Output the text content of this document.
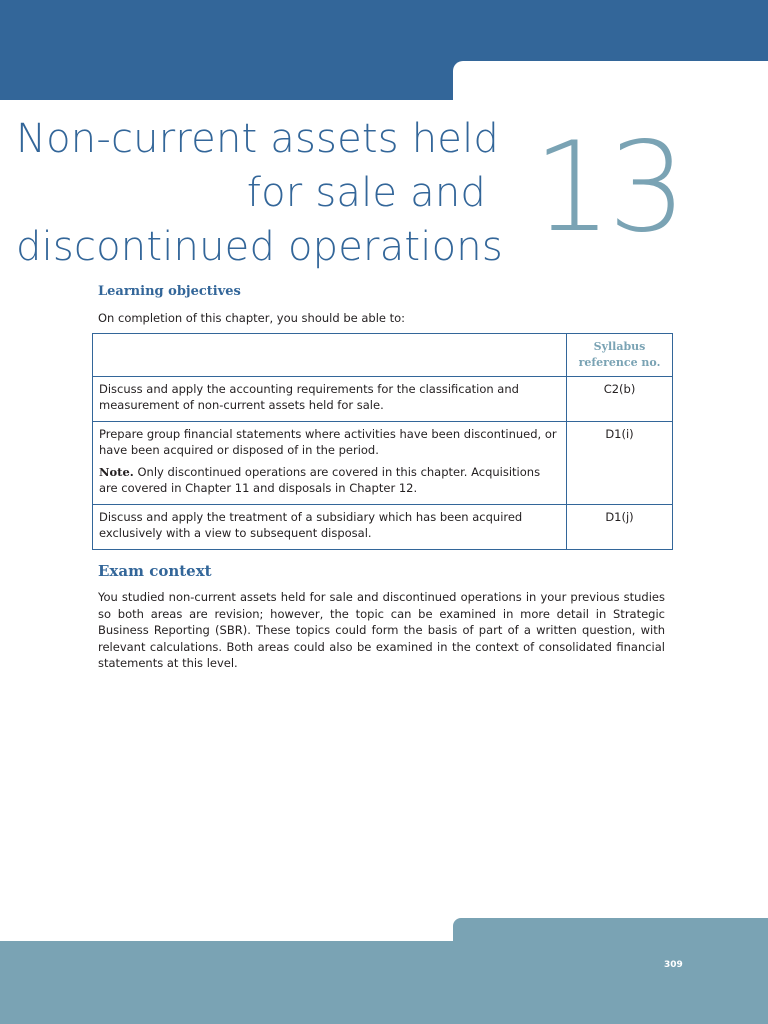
Non-current assets held
for sale and
discontinued operations 13
Learning objectives
On completion of this chapter, you should be able to:
	Syllabus reference no.

Discuss and apply the accounting requirements for the classification and measurement of non-current assets held for sale.	C2(b)

Prepare group financial statements where activities have been discontinued, or have been acquired or disposed of in the period.

Note. Only discontinued operations are covered in this chapter. Acquisitions are covered in Chapter 11 and disposals in Chapter 12.	D1(i)

Discuss and apply the treatment of a subsidiary which has been acquired exclusively with a view to subsequent disposal.	D1(j)
Exam context
You studied non-current assets held for sale and discontinued operations in your previous studies so both areas are revision; however, the topic can be examined in more detail in Strategic Business Reporting (SBR). These topics could form the basis of part of a written question, with relevant calculations. Both areas could also be examined in the context of consolidated financial statements at this level.
309
